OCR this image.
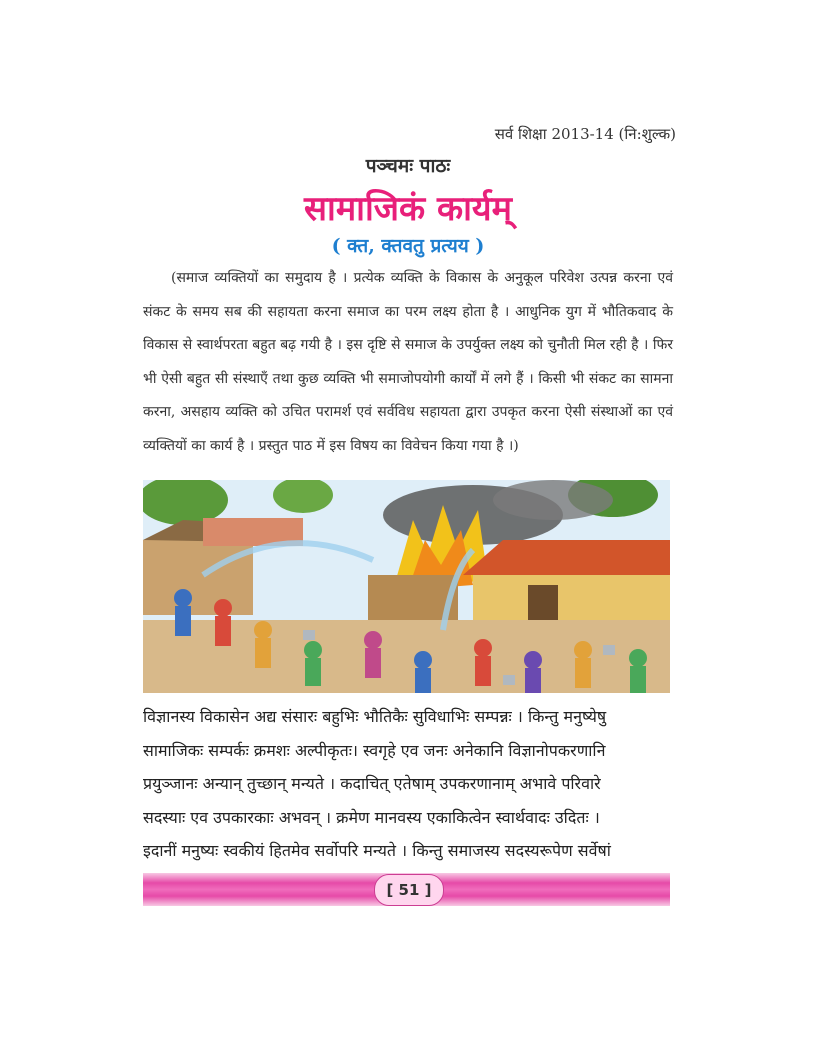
सर्व शिक्षा 2013-14 (नि:शुल्क)
पञ्चमः पाठः
सामाजिकं कार्यम्
( क्त, क्तवतु प्रत्यय )

(समाज व्यक्तियों का समुदाय है । प्रत्येक व्यक्ति के विकास के अनुकूल परिवेश उत्पन्न करना एवं संकट के समय सब की सहायता करना समाज का परम लक्ष्य होता है । आधुनिक युग में भौतिकवाद के विकास से स्वार्थपरता बहुत बढ़ गयी है । इस दृष्टि से समाज के उपर्युक्त लक्ष्य को चुनौती मिल रही है । फिर भी ऐसी बहुत सी संस्थाएँ तथा कुछ व्यक्ति भी समाजोपयोगी कार्यों में लगे हैं । किसी भी संकट का सामना करना, असहाय व्यक्ति को उचित परामर्श एवं सर्वविध सहायता द्वारा उपकृत करना ऐसी संस्थाओं का एवं व्यक्तियों का कार्य है । प्रस्तुत पाठ में इस विषय का विवेचन किया गया है ।)

विज्ञानस्य विकासेन अद्य संसारः बहुभिः भौतिकैः सुविधाभिः सम्पन्नः । किन्तु मनुष्येषु

सामाजिकः सम्पर्कः क्रमशः अल्पीकृतः। स्वगृहे एव जनः अनेकानि विज्ञानोपकरणानि

प्रयुञ्जानः अन्यान् तुच्छान् मन्यते । कदाचित् एतेषाम् उपकरणानाम् अभावे परिवारे

सदस्याः एव उपकारकाः अभवन् । क्रमेण मानवस्य एकाकित्वेन स्वार्थवादः उदितः ।

इदानीं मनुष्यः स्वकीयं हितमेव सर्वोपरि मन्यते । किन्तु समाजस्य सदस्यरूपेण सर्वेषां

[ 51 ]
